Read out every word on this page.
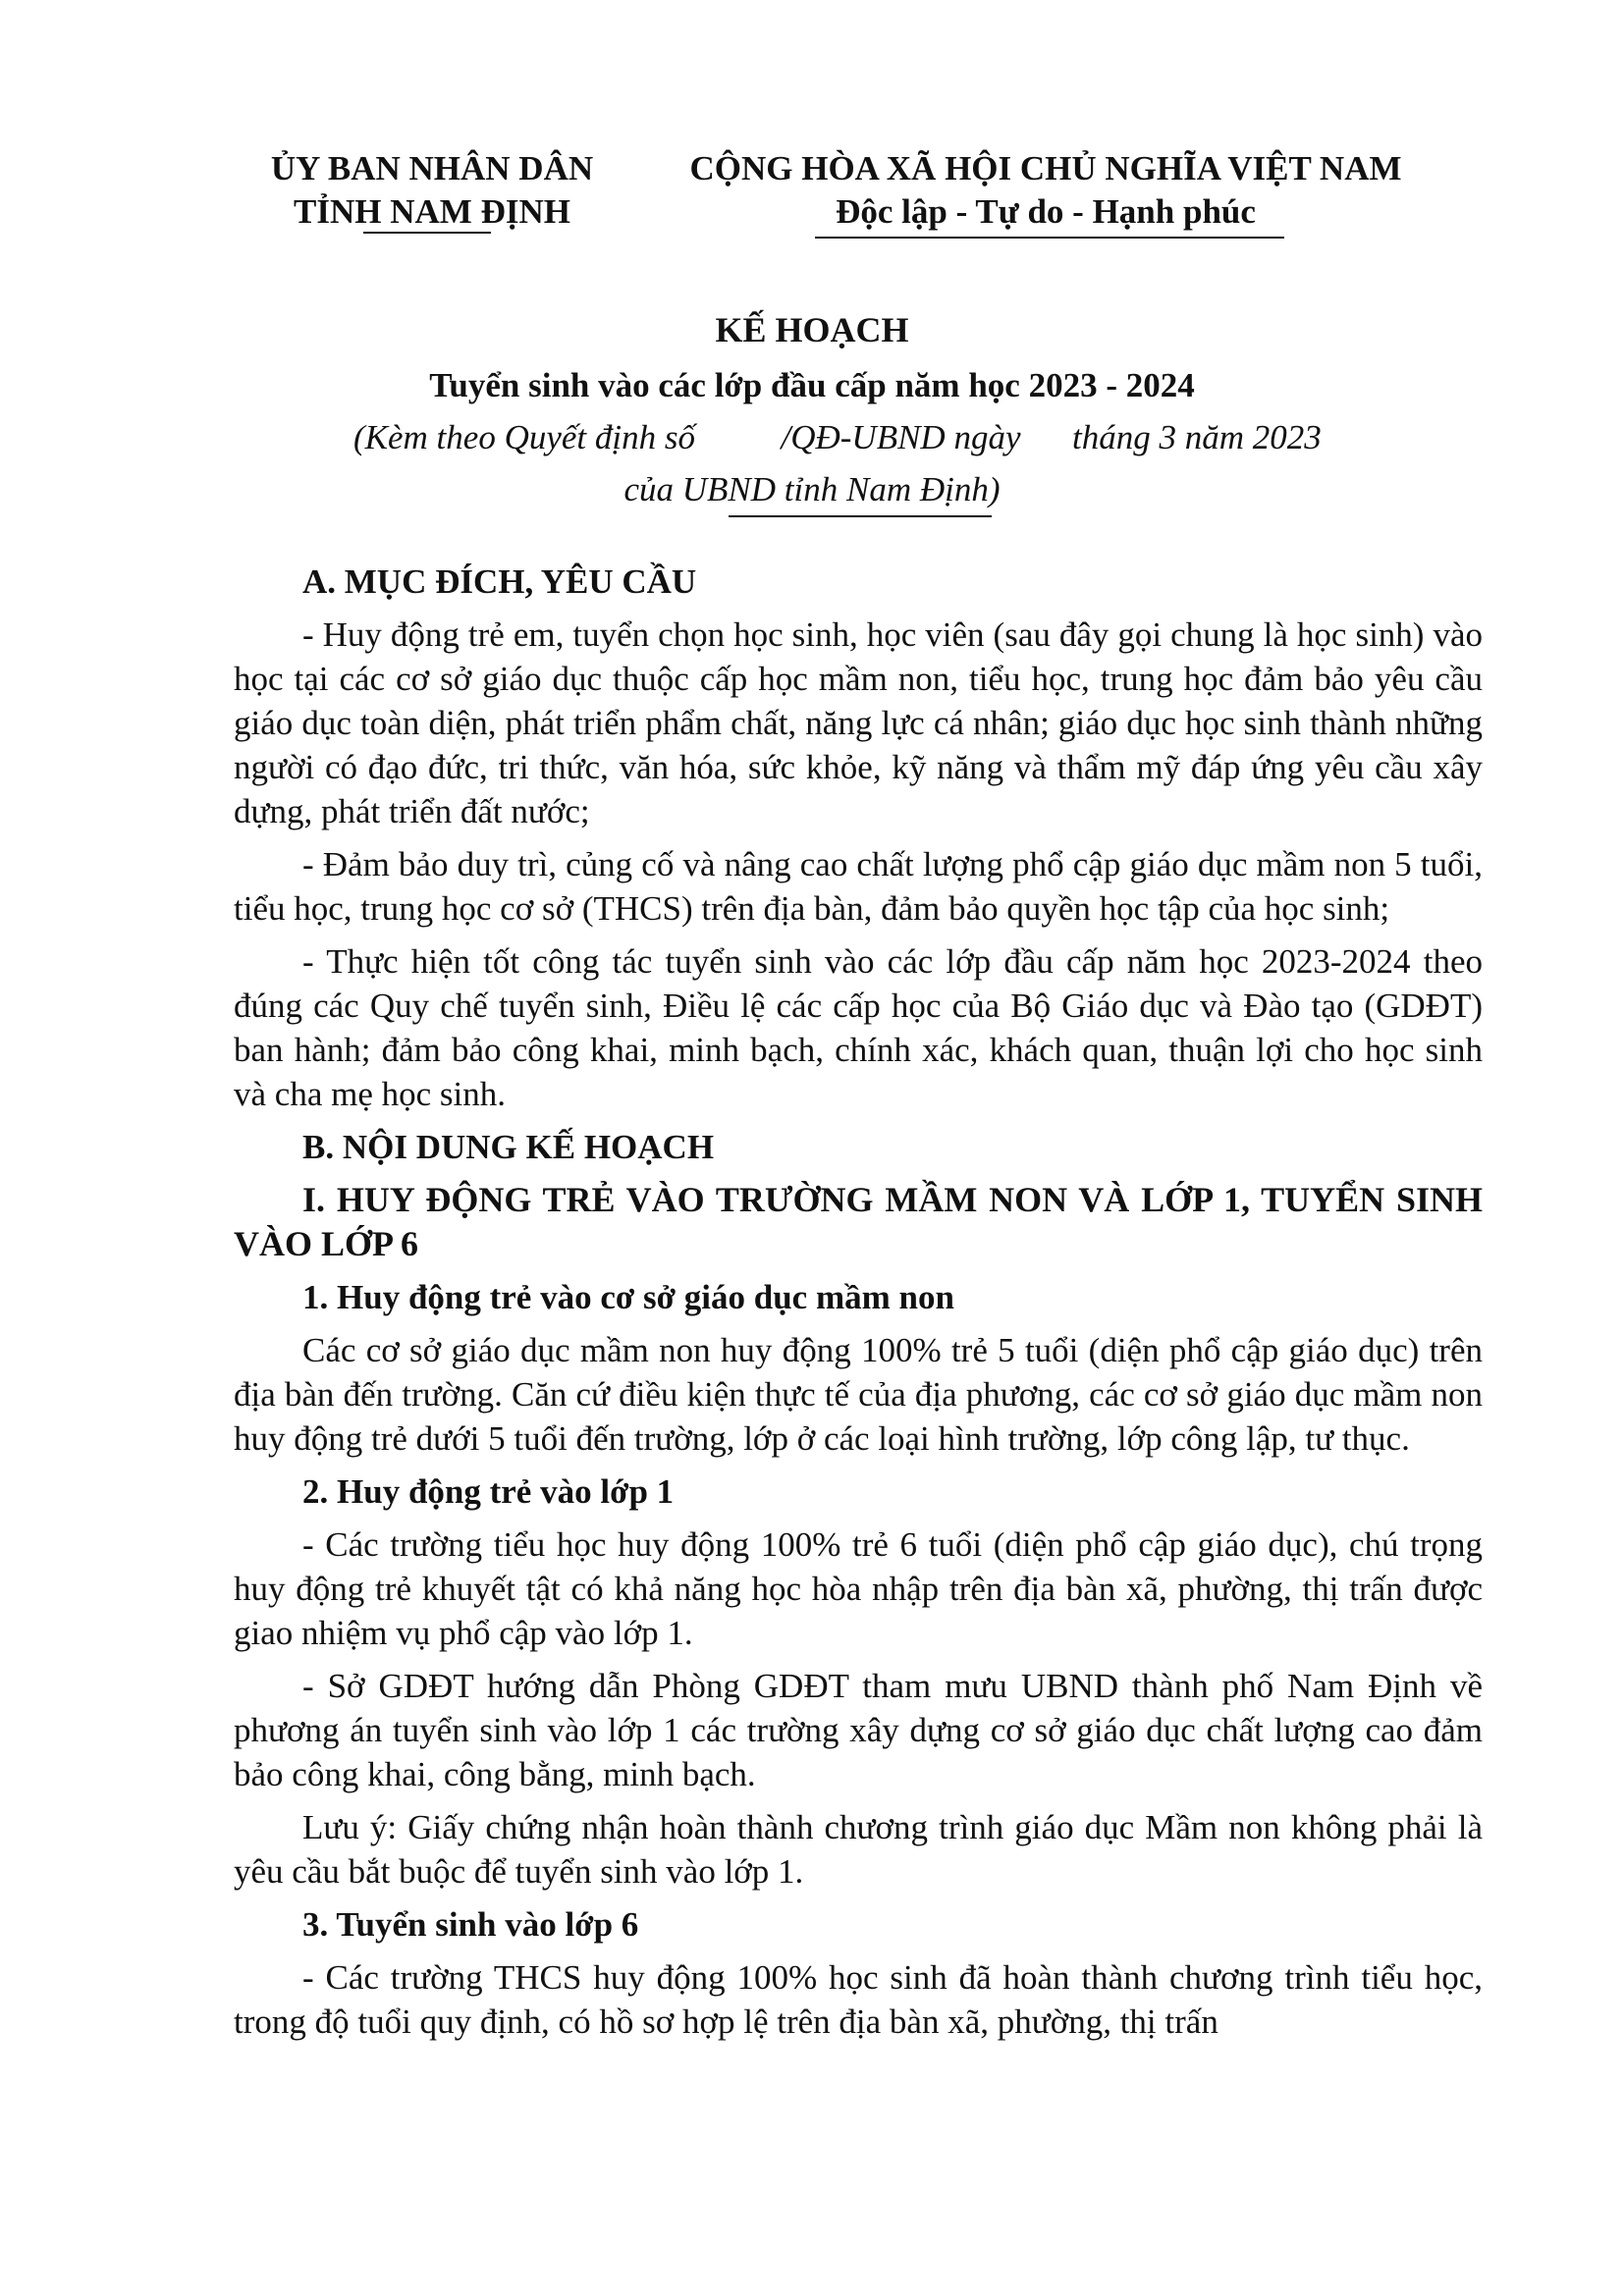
ỦY BAN NHÂN DÂN
TỈNH NAM ĐỊNH
CỘNG HÒA XÃ HỘI CHỦ NGHĨA VIỆT NAM
Độc lập - Tự do - Hạnh phúc
KẾ HOẠCH
Tuyển sinh vào các lớp đầu cấp năm học 2023 - 2024
(Kèm theo Quyết định số          /QĐ-UBND ngày      tháng 3 năm 2023
của UBND tỉnh Nam Định)

A. MỤC ĐÍCH, YÊU CẦU

- Huy động trẻ em, tuyển chọn học sinh, học viên (sau đây gọi chung là học sinh) vào học tại các cơ sở giáo dục thuộc cấp học mầm non, tiểu học, trung học đảm bảo yêu cầu giáo dục toàn diện, phát triển phẩm chất, năng lực cá nhân; giáo dục học sinh thành những người có đạo đức, tri thức, văn hóa, sức khỏe, kỹ năng và thẩm mỹ đáp ứng yêu cầu xây dựng, phát triển đất nước;

- Đảm bảo duy trì, củng cố và nâng cao chất lượng phổ cập giáo dục mầm non 5 tuổi, tiểu học, trung học cơ sở (THCS) trên địa bàn, đảm bảo quyền học tập của học sinh;

- Thực hiện tốt công tác tuyển sinh vào các lớp đầu cấp năm học 2023-2024 theo đúng các Quy chế tuyển sinh, Điều lệ các cấp học của Bộ Giáo dục và Đào tạo (GDĐT) ban hành; đảm bảo công khai, minh bạch, chính xác, khách quan, thuận lợi cho học sinh và cha mẹ học sinh.

B. NỘI DUNG KẾ HOẠCH

I. HUY ĐỘNG TRẺ VÀO TRƯỜNG MẦM NON VÀ LỚP 1, TUYỂN SINH VÀO LỚP 6

1. Huy động trẻ vào cơ sở giáo dục mầm non

Các cơ sở giáo dục mầm non huy động 100% trẻ 5 tuổi (diện phổ cập giáo dục) trên địa bàn đến trường. Căn cứ điều kiện thực tế của địa phương, các cơ sở giáo dục mầm non huy động trẻ dưới 5 tuổi đến trường, lớp ở các loại hình trường, lớp công lập, tư thục.

2. Huy động trẻ vào lớp 1

- Các trường tiểu học huy động 100% trẻ 6 tuổi (diện phổ cập giáo dục), chú trọng huy động trẻ khuyết tật có khả năng học hòa nhập trên địa bàn xã, phường, thị trấn được giao nhiệm vụ phổ cập vào lớp 1.

- Sở GDĐT hướng dẫn Phòng GDĐT tham mưu UBND thành phố Nam Định về phương án tuyển sinh vào lớp 1 các trường xây dựng cơ sở giáo dục chất lượng cao đảm bảo công khai, công bằng, minh bạch.

Lưu ý: Giấy chứng nhận hoàn thành chương trình giáo dục Mầm non không phải là yêu cầu bắt buộc để tuyển sinh vào lớp 1.

3. Tuyển sinh vào lớp 6

- Các trường THCS huy động 100% học sinh đã hoàn thành chương trình tiểu học, trong độ tuổi quy định, có hồ sơ hợp lệ trên địa bàn xã, phường, thị trấn
